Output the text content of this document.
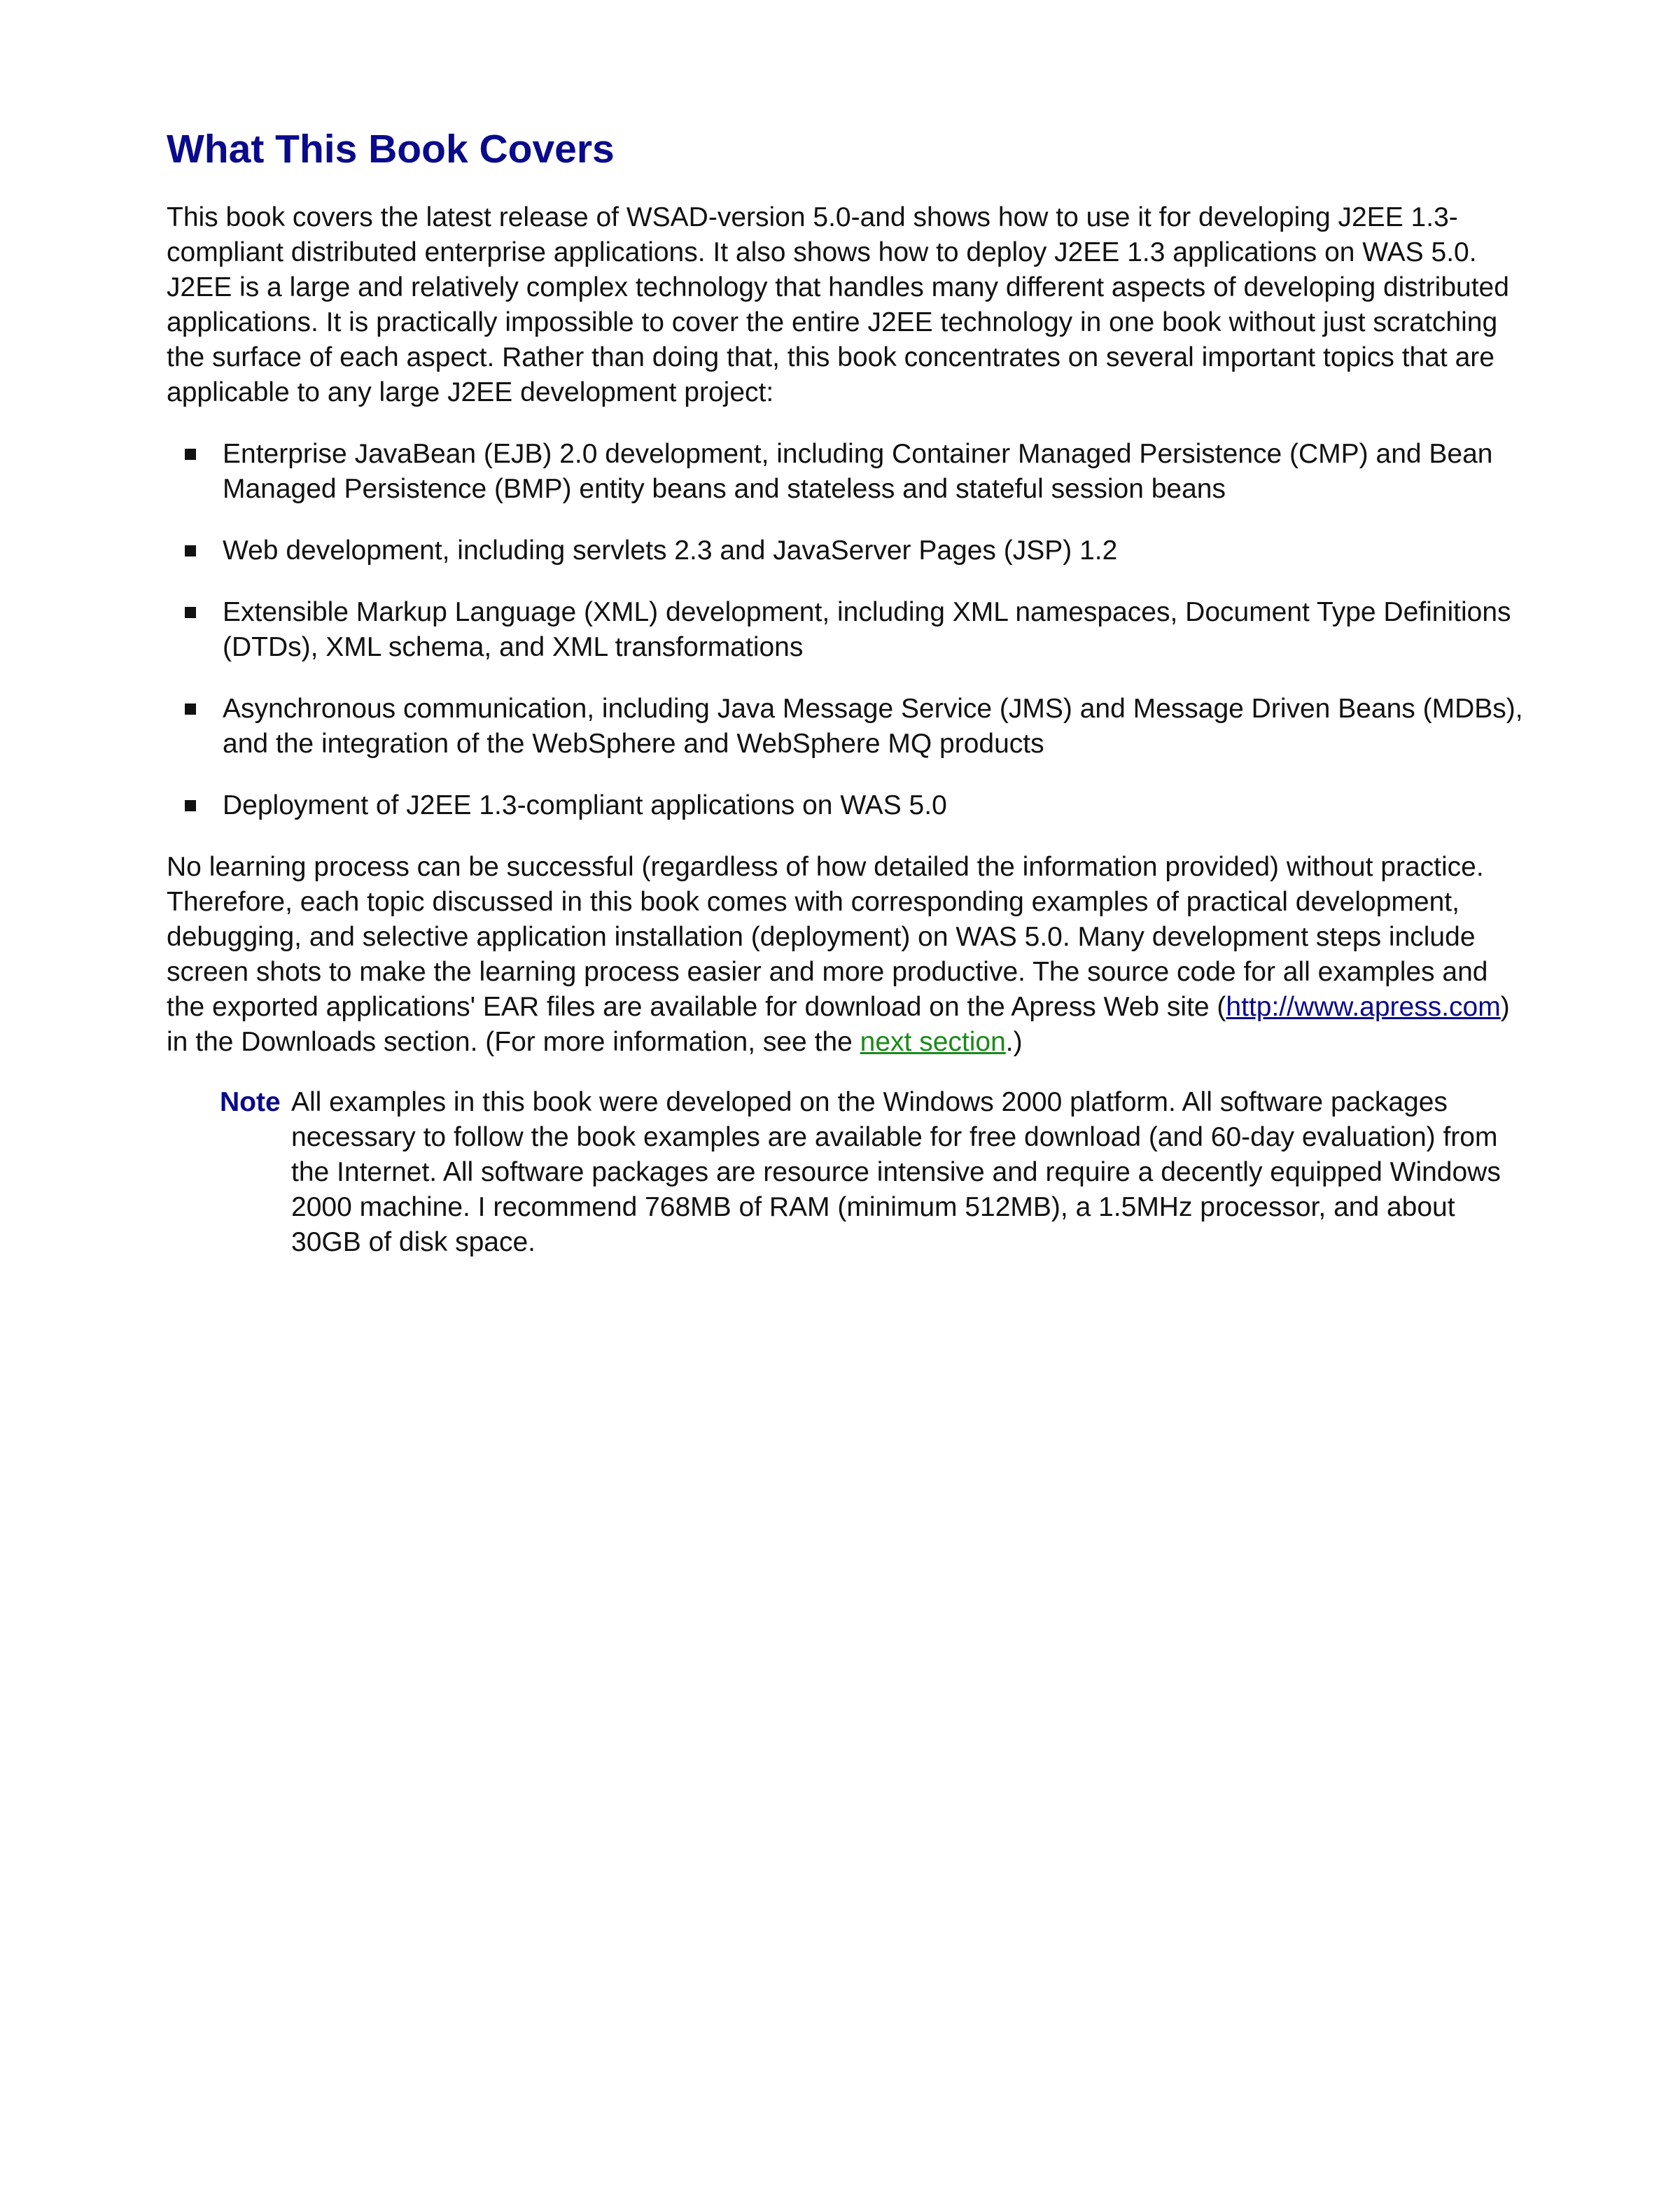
What This Book Covers

This book covers the latest release of WSAD-version 5.0-and shows how to use it for developing J2EE 1.3-compliant distributed enterprise applications. It also shows how to deploy J2EE 1.3 applications on WAS 5.0. J2EE is a large and relatively complex technology that handles many different aspects of developing distributed applications. It is practically impossible to cover the entire J2EE technology in one book without just scratching the surface of each aspect. Rather than doing that, this book concentrates on several important topics that are applicable to any large J2EE development project:

Enterprise JavaBean (EJB) 2.0 development, including Container Managed Persistence (CMP) and Bean Managed Persistence (BMP) entity beans and stateless and stateful session beans
Web development, including servlets 2.3 and JavaServer Pages (JSP) 1.2
Extensible Markup Language (XML) development, including XML namespaces, Document Type Definitions (DTDs), XML schema, and XML transformations
Asynchronous communication, including Java Message Service (JMS) and Message Driven Beans (MDBs), and the integration of the WebSphere and WebSphere MQ products
Deployment of J2EE 1.3-compliant applications on WAS 5.0

No learning process can be successful (regardless of how detailed the information provided) without practice. Therefore, each topic discussed in this book comes with corresponding examples of practical development, debugging, and selective application installation (deployment) on WAS 5.0. Many development steps include screen shots to make the learning process easier and more productive. The source code for all examples and the exported applications' EAR files are available for download on the Apress Web site (http://www.apress.com) in the Downloads section. (For more information, see the next section.)

Note All examples in this book were developed on the Windows 2000 platform. All software packages necessary to follow the book examples are available for free download (and 60-day evaluation) from the Internet. All software packages are resource intensive and require a decently equipped Windows 2000 machine. I recommend 768MB of RAM (minimum 512MB), a 1.5MHz processor, and about 30GB of disk space.
